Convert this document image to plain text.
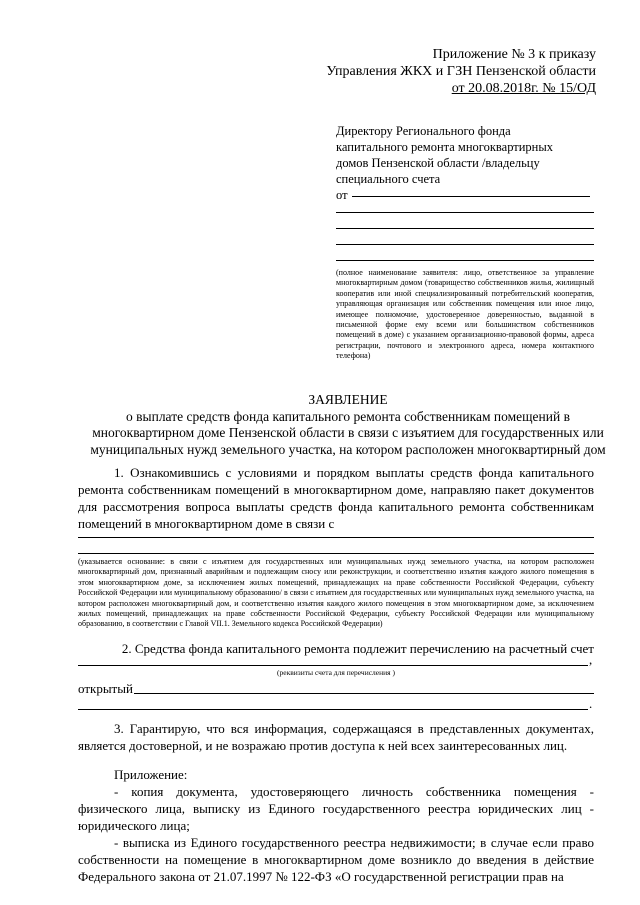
Приложение № 3 к приказу
Управления ЖКХ и ГЗН Пензенской области
от 20.08.2018г. № 15/ОД
Директору Регионального фонда
капитального ремонта многоквартирных
домов Пензенской области /владельцу
специального счета
от
(полное наименование заявителя: лицо, ответственное за управление многоквартирным домом (товарищество собственников жилья, жилищный кооператив или иной специализированный потребительский кооператив, управляющая организация или собственник помещения или иное лицо, имеющее полномочие, удостоверенное доверенностью, выданной в письменной форме ему всеми или большинством собственников помещений в доме) с указанием организационно-правовой формы, адреса регистрации, почтового и электронного адреса, номера контактного телефона)
ЗАЯВЛЕНИЕ
о выплате средств фонда капитального ремонта собственникам помещений в
многоквартирном доме Пензенской области в связи с изъятием для государственных или
муниципальных нужд земельного участка, на котором расположен многоквартирный дом
1. Ознакомившись с условиями и порядком выплаты средств фонда капитального ремонта собственникам помещений в многоквартирном доме, направляю пакет документов для рассмотрения вопроса выплаты средств фонда капитального ремонта собственникам помещений в многоквартирном доме в связи с
(указывается основание: в связи с изъятием для государственных или муниципальных нужд земельного участка, на котором расположен многоквартирный дом, признанный аварийным и подлежащим сносу или реконструкции, и соответственно изъятия каждого жилого помещения в этом многоквартирном доме, за исключением жилых помещений, принадлежащих на праве собственности Российской Федерации, субъекту Российской Федерации или муниципальному образованию/ в связи с изъятием для государственных или муниципальных нужд земельного участка, на котором расположен многоквартирный дом, и соответственно изъятия каждого жилого помещения в этом многоквартирном доме, за исключением жилых помещений, принадлежащих на праве собственности Российской Федерации, субъекту Российской Федерации или муниципальному образованию, в соответствии с Главой VII.1. Земельного кодекса Российской Федерации)
2. Средства фонда капитального ремонта подлежит перечислению на расчетный счет
,
(реквизиты счета для перечисления )
открытый
.
3. Гарантирую, что вся информация, содержащаяся в представленных документах, является достоверной, и не возражаю против доступа к ней всех заинтересованных лиц.
Приложение:
- копия документа, удостоверяющего личность собственника помещения - физического лица, выписку из Единого государственного реестра юридических лиц - юридического лица;
- выписка из Единого государственного реестра недвижимости; в случае если право собственности на помещение в многоквартирном доме возникло до введения в действие Федерального закона от 21.07.1997 № 122-ФЗ «О государственной регистрации прав на
